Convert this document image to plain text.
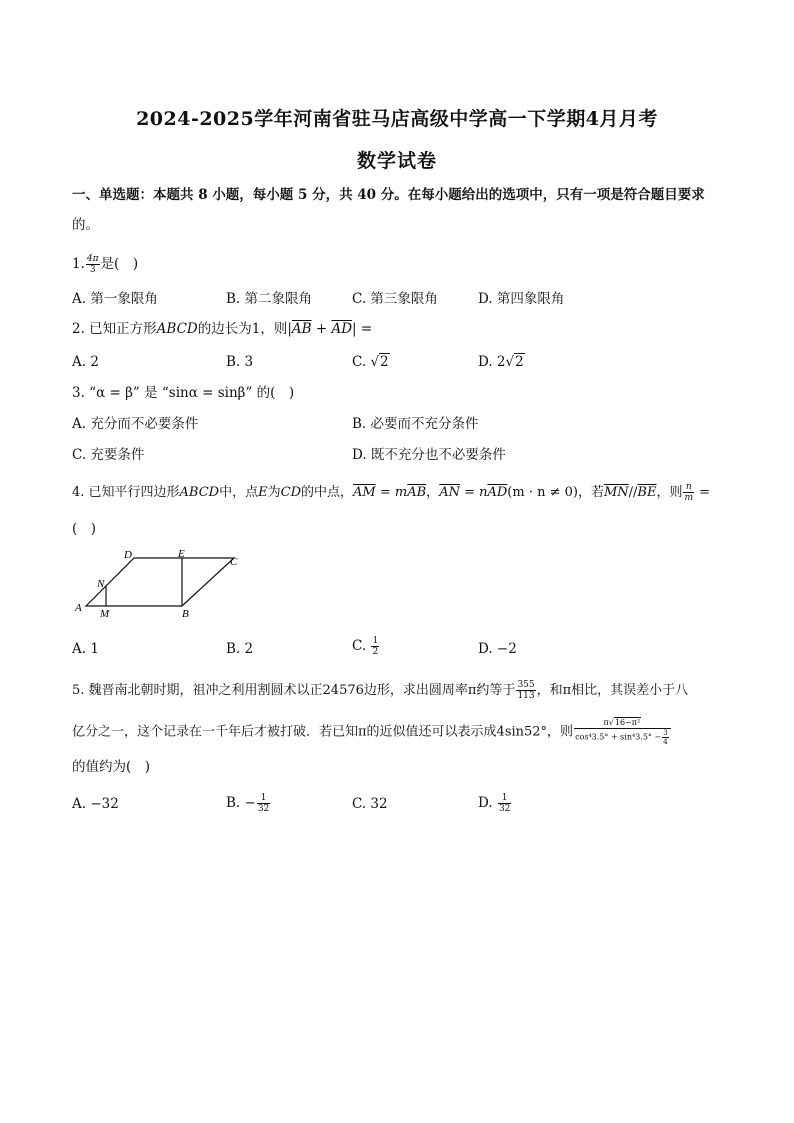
2024-2025学年河南省驻马店高级中学高一下学期4月月考
数学试卷
一、单选题：本题共 8 小题，每小题 5 分，共 40 分。在每小题给出的选项中，只有一项是符合题目要求
的。
1. $\frac{4\pi}{3}$ 是(　)
A. 第一象限角	B. 第二象限角	C. 第三象限角	D. 第四象限角
2. 已知正方形ABCD的边长为1，则$|\overline{AB} + \overline{AD}|$ =
A. 2	B. 3	C. √2	D. 2√2
3. “α = β” 是 “sinα = sinβ” 的(　)
A. 充分而不必要条件	B. 必要而不充分条件
C. 充要条件	D. 既不充分也不必要条件
4. 已知平行四边形ABCD中，点E为CD的中点，$\overline{AM} = m\overline{AB}$，$\overline{AN} = n\overline{AD}(m \cdot n \ne 0)$，若$\overline{MN}//\overline{BE}$，则 $\frac{n}{m}$ =
(　)
A	B
C
D	E
M
N
A. 1	B. 2	C. $\frac{1}{2}$	D. −2
5. 魏晋南北朝时期，祖冲之利用割圆术以正24576边形，求出圆周率π约等于 $\frac{355}{113}$ ，和π相比，其误差小于八
亿分之一，这个记录在一千年后才被打破．若已知π的近似值还可以表示成4sin52°，则 $\frac{\text{π√16−π²}}{\cos^43.5^\circ + \sin^43.5^\circ - \frac{3}{4}}$
的值约为(　)
A. −32	B. − $\frac{1}{32}$	C. 32	D. $\frac{1}{32}$
